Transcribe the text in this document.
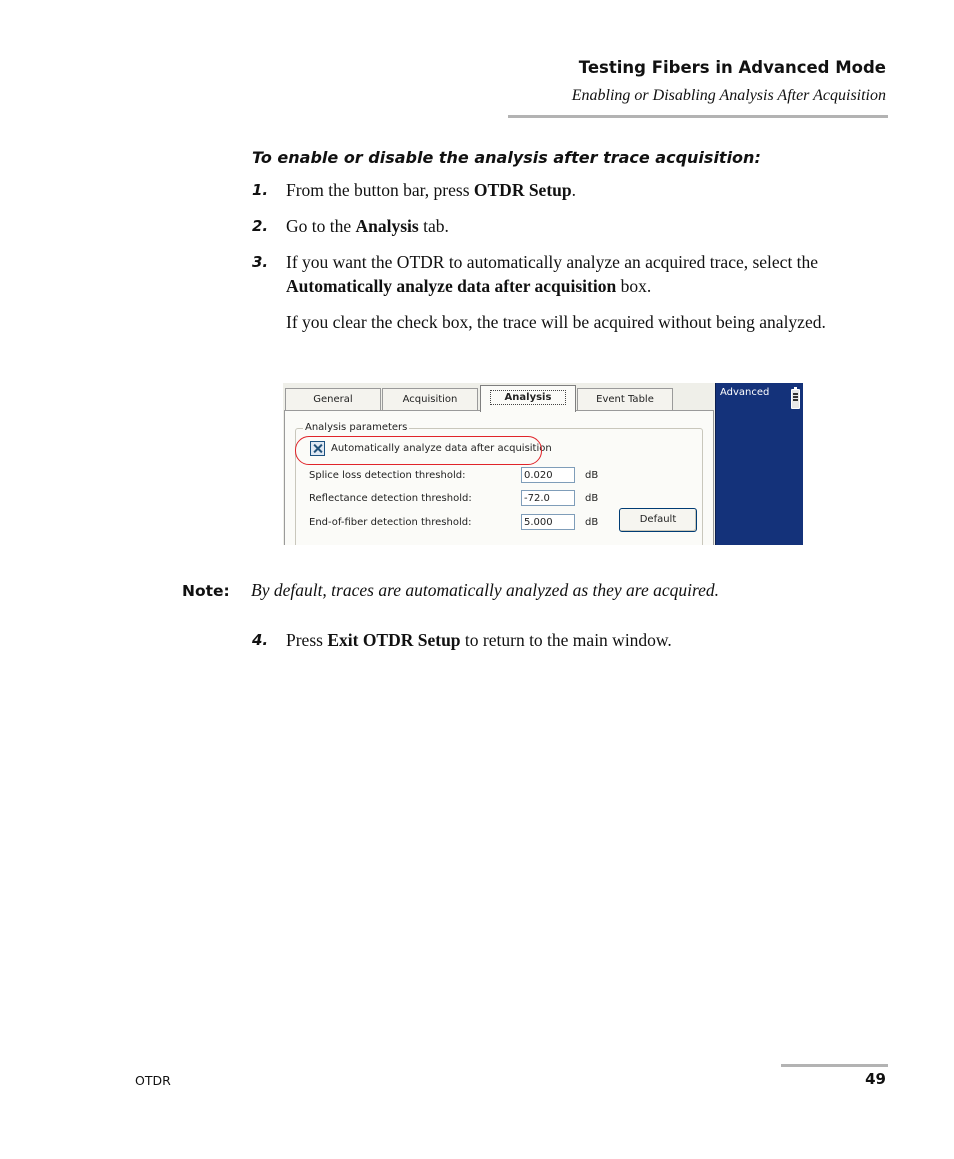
Testing Fibers in Advanced Mode
Enabling or Disabling Analysis After Acquisition
To enable or disable the analysis after trace acquisition:
1. From the button bar, press OTDR Setup.
2. Go to the Analysis tab.
3. If you want the OTDR to automatically analyze an acquired trace, select the Automatically analyze data after acquisition box.
If you clear the check box, the trace will be acquired without being analyzed.
General	Acquisition	Analysis	Event Table
Analysis parameters
Automatically analyze data after acquisition
Splice loss detection threshold:	0.020	dB
Reflectance detection threshold:	-72.0	dB
End-of-fiber detection threshold:	5.000	dB	Default
Advanced
Note: By default, traces are automatically analyzed as they are acquired.
4. Press Exit OTDR Setup to return to the main window.
OTDR	49
